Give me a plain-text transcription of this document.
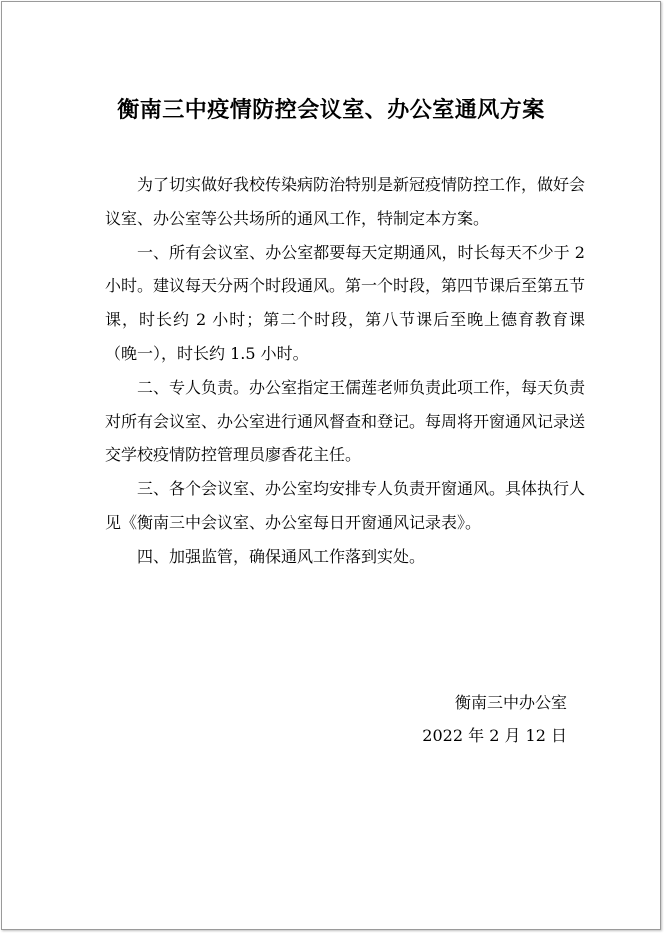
衡南三中疫情防控会议室、办公室通风方案

为了切实做好我校传染病防治特别是新冠疫情防控工作，做好会议室、办公室等公共场所的通风工作，特制定本方案。

一、所有会议室、办公室都要每天定期通风，时长每天不少于 2 小时。建议每天分两个时段通风。第一个时段，第四节课后至第五节课，时长约 2 小时；第二个时段，第八节课后至晚上德育教育课（晚一），时长约 1.5 小时。

二、专人负责。办公室指定王儒莲老师负责此项工作，每天负责对所有会议室、办公室进行通风督查和登记。每周将开窗通风记录送交学校疫情防控管理员廖香花主任。

三、各个会议室、办公室均安排专人负责开窗通风。具体执行人见《衡南三中会议室、办公室每日开窗通风记录表》。

四、加强监管，确保通风工作落到实处。

衡南三中办公室
2022 年 2 月 12 日
